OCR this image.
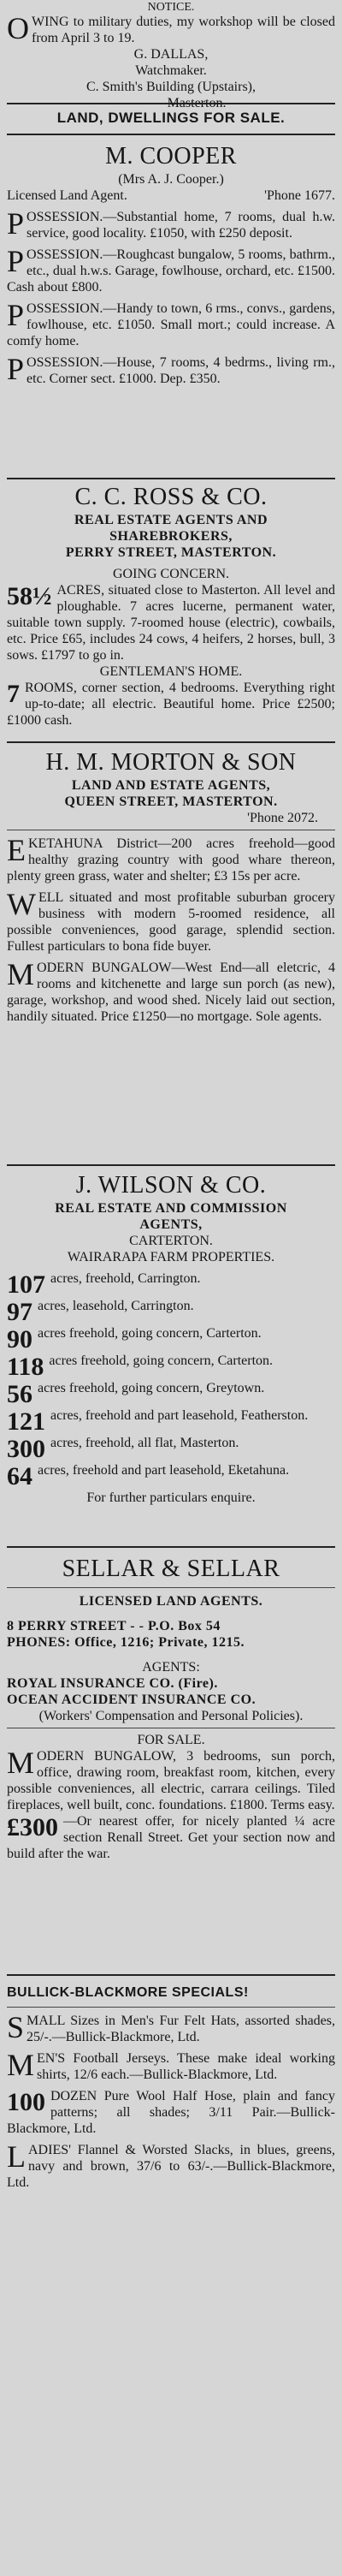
NOTICE.

OWING to military duties, my workshop will be closed from April 3 to 19.

G. DALLAS,
Watchmaker.
C. Smith's Building (Upstairs),
Masterton.
LAND, DWELLINGS FOR SALE.
M. COOPER
(Mrs A. J. Cooper.)
Licensed Land Agent.	'Phone 1677.

POSSESSION.—Substantial home, 7 rooms, dual h.w. service, good locality. £1050, with £250 deposit.

POSSESSION.—Roughcast bungalow, 5 rooms, bathrm., etc., dual h.w.s. Garage, fowlhouse, orchard, etc. £1500. Cash about £800.

POSSESSION.—Handy to town, 6 rms., convs., gardens, fowlhouse, etc. £1050. Small mort.; could increase. A comfy home.

POSSESSION.—House, 7 rooms, 4 bedrms., living rm., etc. Corner sect. £1000. Dep. £350.

C. C. ROSS & CO.
REAL ESTATE AGENTS AND
SHAREBROKERS,
PERRY STREET, MASTERTON.
GOING CONCERN.

58½ ACRES, situated close to Masterton. All level and ploughable. 7 acres lucerne, permanent water, suitable town supply. 7-roomed house (electric), cowbails, etc. Price £65, includes 24 cows, 4 heifers, 2 horses, bull, 3 sows. £1797 to go in.

GENTLEMAN'S HOME.

7 ROOMS, corner section, 4 bedrooms. Everything right up-to-date; all electric. Beautiful home. Price £2500; £1000 cash.

H. M. MORTON & SON
LAND AND ESTATE AGENTS,
QUEEN STREET, MASTERTON.
'Phone 2072.

EKETAHUNA District—200 acres freehold—good healthy grazing country with good whare thereon, plenty green grass, water and shelter; £3 15s per acre.

WELL situated and most profitable suburban grocery business with modern 5-roomed residence, all possible conveniences, good garage, splendid section. Fullest particulars to bona fide buyer.

MODERN BUNGALOW—West End—all eletcric, 4 rooms and kitchenette and large sun porch (as new), garage, workshop, and wood shed. Nicely laid out section, handily situated. Price £1250—no mortgage. Sole agents.

J. WILSON & CO.
REAL ESTATE AND COMMISSION
AGENTS,
CARTERTON.
WAIRARAPA FARM PROPERTIES.

107 acres, freehold, Carrington.

97 acres, leasehold, Carrington.

90 acres freehold, going concern, Carterton.

118 acres freehold, going concern, Carterton.

56 acres freehold, going concern, Greytown.

121 acres, freehold and part leasehold, Featherston.

300 acres, freehold, all flat, Masterton.

64 acres, freehold and part leasehold, Eketahuna.

For further particulars enquire.
SELLAR & SELLAR
LICENSED LAND AGENTS.
8 PERRY STREET - - P.O. Box 54
PHONES: Office, 1216; Private, 1215.
AGENTS:
ROYAL INSURANCE CO. (Fire).
OCEAN ACCIDENT INSURANCE CO.
(Workers' Compensation and Personal Policies).
FOR SALE.

MODERN BUNGALOW, 3 bedrooms, sun porch, office, drawing room, breakfast room, kitchen, every possible conveniences, all electric, carrara ceilings. Tiled fireplaces, well built, conc. foundations. £1800. Terms easy.

£300 —Or nearest offer, for nicely planted ¼ acre section Renall Street. Get your section now and build after the war.

BULLICK-BLACKMORE SPECIALS!

SMALL Sizes in Men's Fur Felt Hats, assorted shades, 25/-.—Bullick-Blackmore, Ltd.

MEN'S Football Jerseys. These make ideal working shirts, 12/6 each.—Bullick-Blackmore, Ltd.

100 DOZEN Pure Wool Half Hose, plain and fancy patterns; all shades; 3/11 Pair.—Bullick-Blackmore, Ltd.

LADIES' Flannel & Worsted Slacks, in blues, greens, navy and brown, 37/6 to 63/-.—Bullick-Blackmore, Ltd.
